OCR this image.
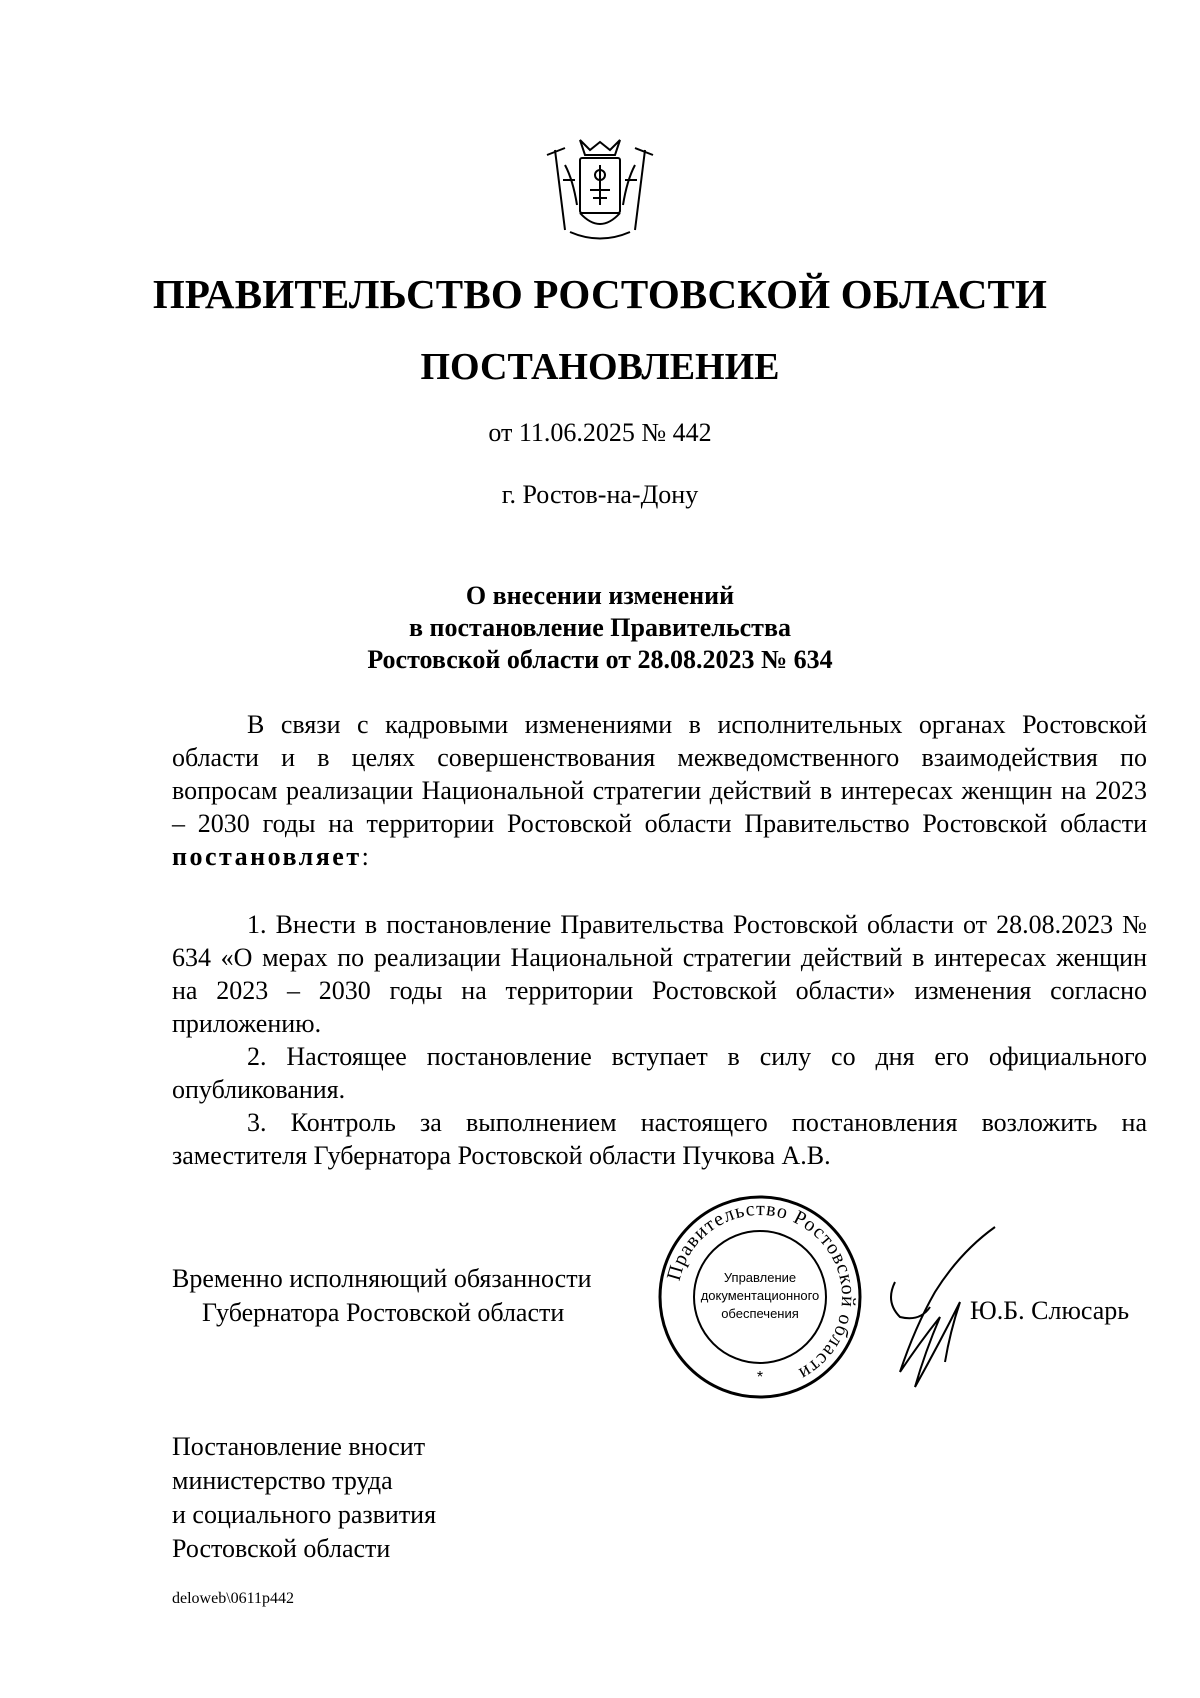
ПРАВИТЕЛЬСТВО РОСТОВСКОЙ ОБЛАСТИ
ПОСТАНОВЛЕНИЕ
от 11.06.2025 № 442
г. Ростов-на-Дону
О внесении изменений
в постановление Правительства
Ростовской области от 28.08.2023 № 634

В связи с кадровыми изменениями в исполнительных органах Ростовской области и в целях совершенствования межведомственного взаимодействия по вопросам реализации Национальной стратегии действий в интересах женщин на 2023 – 2030 годы на территории Ростовской области Правительство Ростовской области постановляет:

1. Внести в постановление Правительства Ростовской области от 28.08.2023 № 634 «О мерах по реализации Национальной стратегии действий в интересах женщин на 2023 – 2030 годы на территории Ростовской области» изменения согласно приложению.

2. Настоящее постановление вступает в силу со дня его официального опубликования.

3. Контроль за выполнением настоящего постановления возложить на заместителя Губернатора Ростовской области Пучкова А.В.

Временно исполняющий обязанности
Губернатора Ростовской области
Правительство Ростовской области
Управление
документационного
обеспечения
*
Ю.Б. Слюсарь
Постановление вносит
министерство труда
и социального развития
Ростовской области
deloweb\0611p442
